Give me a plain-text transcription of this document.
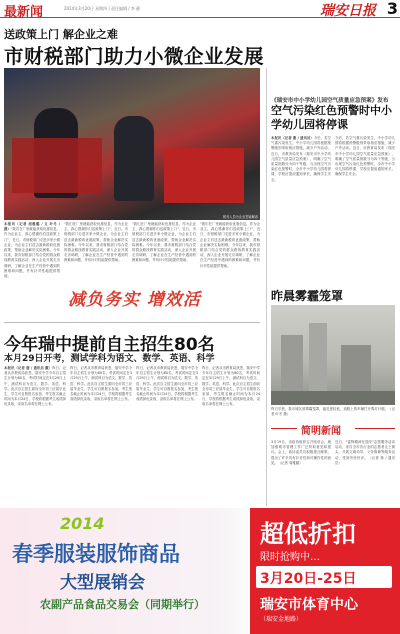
最新闻	2014年3月20日 星期四 | 责任编辑 / 李 静	瑞安日报 3
送政策上门 解企业之难
市财税部门助力小微企业发展
税务人员为企业答疑解惑
本报讯（记者 周雅璐 / 文 叶冬 / 摄）"我们在厂里就能获取优惠信息，作为企业主，真心感谢你们送政策上门"，近日，市财税部门走进多家小微企业，为企业主们送去最新税收优惠政策，帮助企业解决实际困难。今年以来，我市财税部门结合党的群众路线教育实践活动，深入企业开展走访调研，了解企业在生产经营中遇到的困难和问题，并有针对性地提供帮助。
"我们在厂里就能获取优惠信息，作为企业主，真心感谢你们送政策上门"，近日，市财税部门走进多家小微企业，为企业主们送去最新税收优惠政策，帮助企业解决实际困难。今年以来，我市财税部门结合党的群众路线教育实践活动，深入企业开展走访调研，了解企业在生产经营中遇到的困难和问题，并有针对性地提供帮助。
"我们在厂里就能获取优惠信息，作为企业主，真心感谢你们送政策上门"，近日，市财税部门走进多家小微企业，为企业主们送去最新税收优惠政策，帮助企业解决实际困难。今年以来，我市财税部门结合党的群众路线教育实践活动，深入企业开展走访调研，了解企业在生产经营中遇到的困难和问题，并有针对性地提供帮助。
"我们在厂里就能获取优惠信息，作为企业主，真心感谢你们送政策上门"，近日，市财税部门走进多家小微企业，为企业主们送去最新税收优惠政策，帮助企业解决实际困难。今年以来，我市财税部门结合党的群众路线教育实践活动，深入企业开展走访调研，了解企业在生产经营中遇到的困难和问题，并有针对性地提供帮助。
减负务实 增效活
今年瑞中提前自主招生80名
本月29日开考，测试学科为语文、数学、英语、科学
本报讯（记者 谢 / 通讯员 戴）昨日，记者从市教育局获悉，瑞安中学今年自主招生计划为80名，考试时间定在3月29日上午，测试科目为语文、数学、英语、科学。此次自主招生面向全市初三应届毕业生，学生可自愿报名参加，考生报名截止时间为本月24日，学校将根据考生成绩择优录取，录取名单将在网上公布。
昨日，记者从市教育局获悉，瑞安中学今年自主招生计划为80名，考试时间定在3月29日上午，测试科目为语文、数学、英语、科学。此次自主招生面向全市初三应届毕业生，学生可自愿报名参加，考生报名截止时间为本月24日，学校将根据考生成绩择优录取，录取名单将在网上公布。
昨日，记者从市教育局获悉，瑞安中学今年自主招生计划为80名，考试时间定在3月29日上午，测试科目为语文、数学、英语、科学。此次自主招生面向全市初三应届毕业生，学生可自愿报名参加，考生报名截止时间为本月24日，学校将根据考生成绩择优录取，录取名单将在网上公布。
昨日，记者从市教育局获悉，瑞安中学今年自主招生计划为80名，考试时间定在3月29日上午，测试科目为语文、数学、英语、科学。此次自主招生面向全市初三应届毕业生，学生可自愿报名参加，考生报名截止时间为本月24日，学校将根据考生成绩择优录取，录取名单将在网上公布。
《瑞安市中小学幼儿园空气质量应急预案》发布
空气污染红色预警时中小学幼儿园将停课
本报讯（记者 谢 / 通讯员）今后，若空气重污染发生，中小学幼儿园将根据预警级别采取相应措施，减少户外活动。近日，市教育局发布《瑞安市中小学幼儿园空气质量应急预案》，明确了空气质量指数分为四个等级，当出现空气污染红色预警时，全市中小学幼儿园将停课，学校应提前通知家长，确保学生安全。
今后，若空气重污染发生，中小学幼儿园将根据预警级别采取相应措施，减少户外活动。近日，市教育局发布《瑞安市中小学幼儿园空气质量应急预案》，明确了空气质量指数分为四个等级，当出现空气污染红色预警时，全市中小学幼儿园将停课，学校应提前通知家长，确保学生安全。
昨晨雾霾笼罩
昨日早晨，我市城区被雾霾笼罩，能见度较低，道路上的车辆打开雾灯行驶。（记者 叶冬 摄）
简明新闻
3月19日，市政协组织召开座谈会，就加强城市管理工作广泛听取意见和建议。会上，政协委员们积极建言献策，提出了许多具有针对性和可操作性的意见。（记者 周雅璐）
近日，"雷锋精神在瑞安"志愿服务活动启动，来自全市各行业的志愿者走上街头，开展文明劝导、义务维修等服务活动，受到市民好评。（记者 林 / 通讯员）
2014
春季服装服饰商品
大型展销会
农副产品食品交易会（同期举行）
超低折扣
限时抢购中…
3月20日-25日
瑞安市体育中心
（瑞安金地路）
